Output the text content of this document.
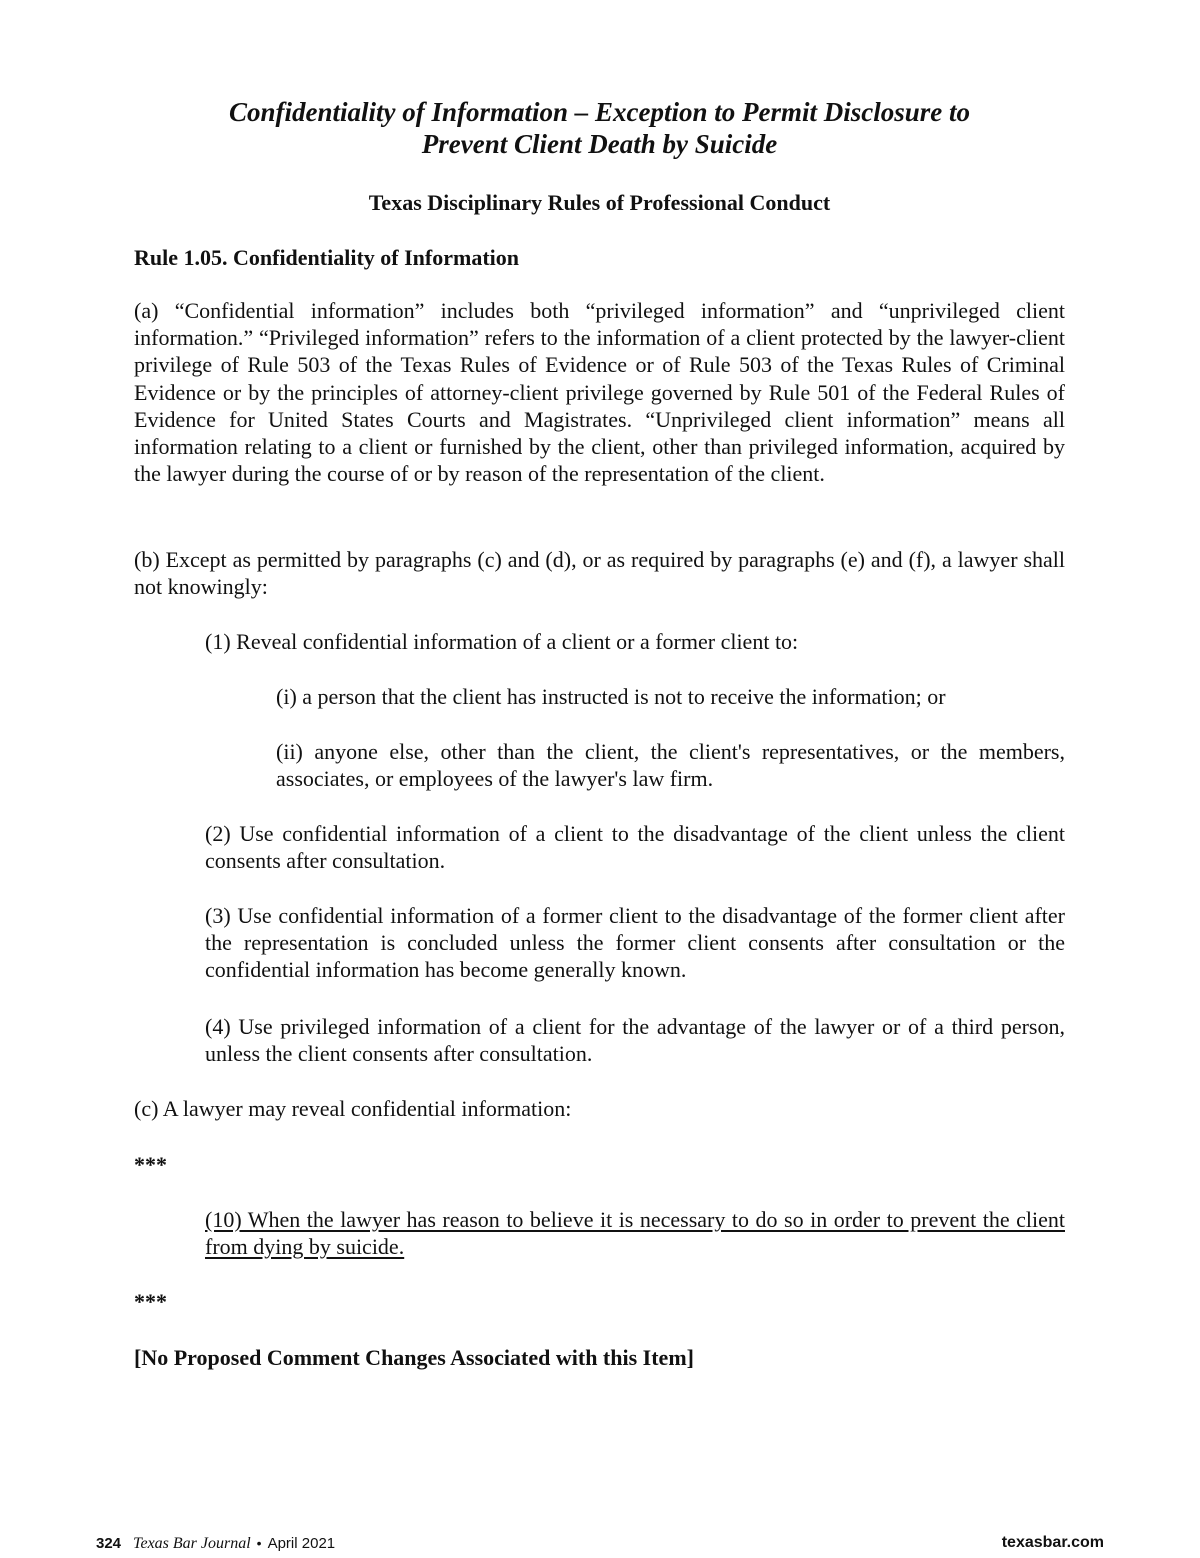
Confidentiality of Information – Exception to Permit Disclosure to
Prevent Client Death by Suicide
Texas Disciplinary Rules of Professional Conduct
Rule 1.05. Confidentiality of Information

(a) “Confidential information” includes both “privileged information” and “unprivileged client information.” “Privileged information” refers to the information of a client protected by the lawyer-client privilege of Rule 503 of the Texas Rules of Evidence or of Rule 503 of the Texas Rules of Criminal Evidence or by the principles of attorney-client privilege governed by Rule 501 of the Federal Rules of Evidence for United States Courts and Magistrates. “Unprivileged client information” means all information relating to a client or furnished by the client, other than privileged information, acquired by the lawyer during the course of or by reason of the representation of the client.

(b) Except as permitted by paragraphs (c) and (d), or as required by paragraphs (e) and (f), a lawyer shall not knowingly:

(1) Reveal confidential information of a client or a former client to:

(i) a person that the client has instructed is not to receive the information; or

(ii) anyone else, other than the client, the client's representatives, or the members, associates, or employees of the lawyer's law firm.

(2) Use confidential information of a client to the disadvantage of the client unless the client consents after consultation.

(3) Use confidential information of a former client to the disadvantage of the former client after the representation is concluded unless the former client consents after consultation or the confidential information has become generally known.

(4) Use privileged information of a client for the advantage of the lawyer or of a third person, unless the client consents after consultation.

(c) A lawyer may reveal confidential information:

***

(10) When the lawyer has reason to believe it is necessary to do so in order to prevent the client from dying by suicide.

***

[No Proposed Comment Changes Associated with this Item]

324 Texas Bar Journal • April 2021	texasbar.com
